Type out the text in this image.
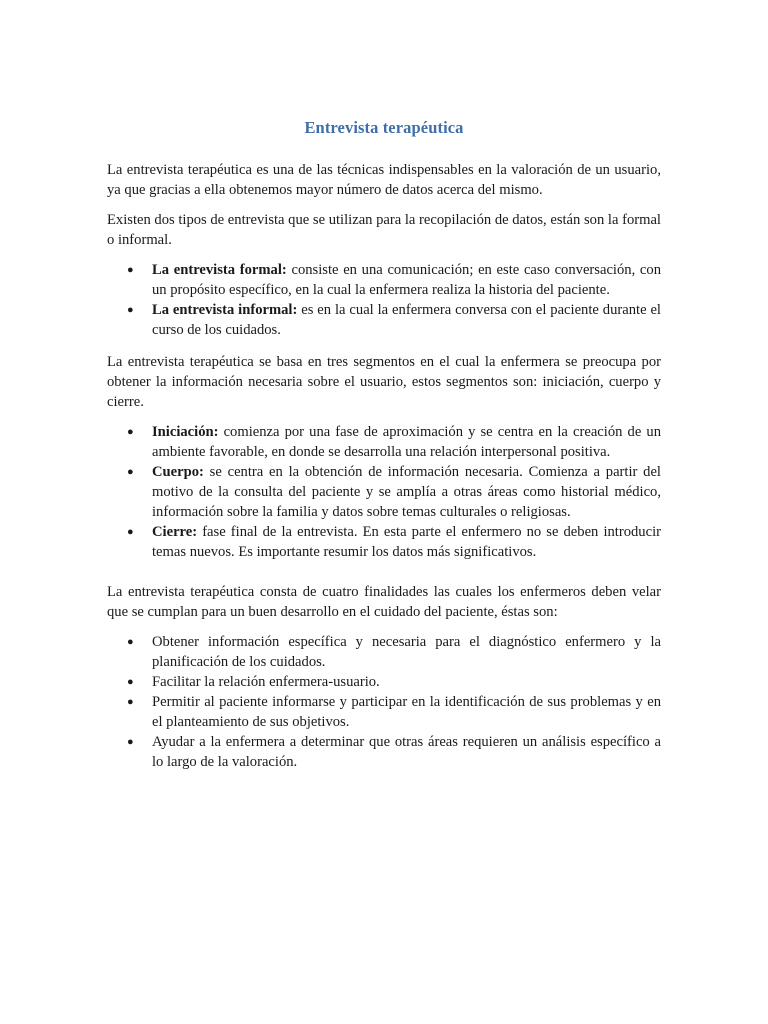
Entrevista terapéutica

La entrevista terapéutica es una de las técnicas indispensables en la valoración de un usuario, ya que gracias a ella obtenemos mayor número de datos acerca del mismo.

Existen dos tipos de entrevista que se utilizan para la recopilación de datos, están son la formal o informal.

● La entrevista formal: consiste en una comunicación; en este caso conversación, con un propósito específico, en la cual la enfermera realiza la historia del paciente.
● La entrevista informal: es en la cual la enfermera conversa con el paciente durante el curso de los cuidados.

La entrevista terapéutica se basa en tres segmentos en el cual la enfermera se preocupa por obtener la información necesaria sobre el usuario, estos segmentos son: iniciación, cuerpo y cierre.

● Iniciación: comienza por una fase de aproximación y se centra en la creación de un ambiente favorable, en donde se desarrolla una relación interpersonal positiva.
● Cuerpo: se centra en la obtención de información necesaria. Comienza a partir del motivo de la consulta del paciente y se amplía a otras áreas como historial médico, información sobre la familia y datos sobre temas culturales o religiosas.
● Cierre: fase final de la entrevista. En esta parte el enfermero no se deben introducir temas nuevos. Es importante resumir los datos más significativos.

La entrevista terapéutica consta de cuatro finalidades las cuales los enfermeros deben velar que se cumplan para un buen desarrollo en el cuidado del paciente, éstas son:

● Obtener información específica y necesaria para el diagnóstico enfermero y la planificación de los cuidados.
● Facilitar la relación enfermera-usuario.
● Permitir al paciente informarse y participar en la identificación de sus problemas y en el planteamiento de sus objetivos.
● Ayudar a la enfermera a determinar que otras áreas requieren un análisis específico a lo largo de la valoración.
